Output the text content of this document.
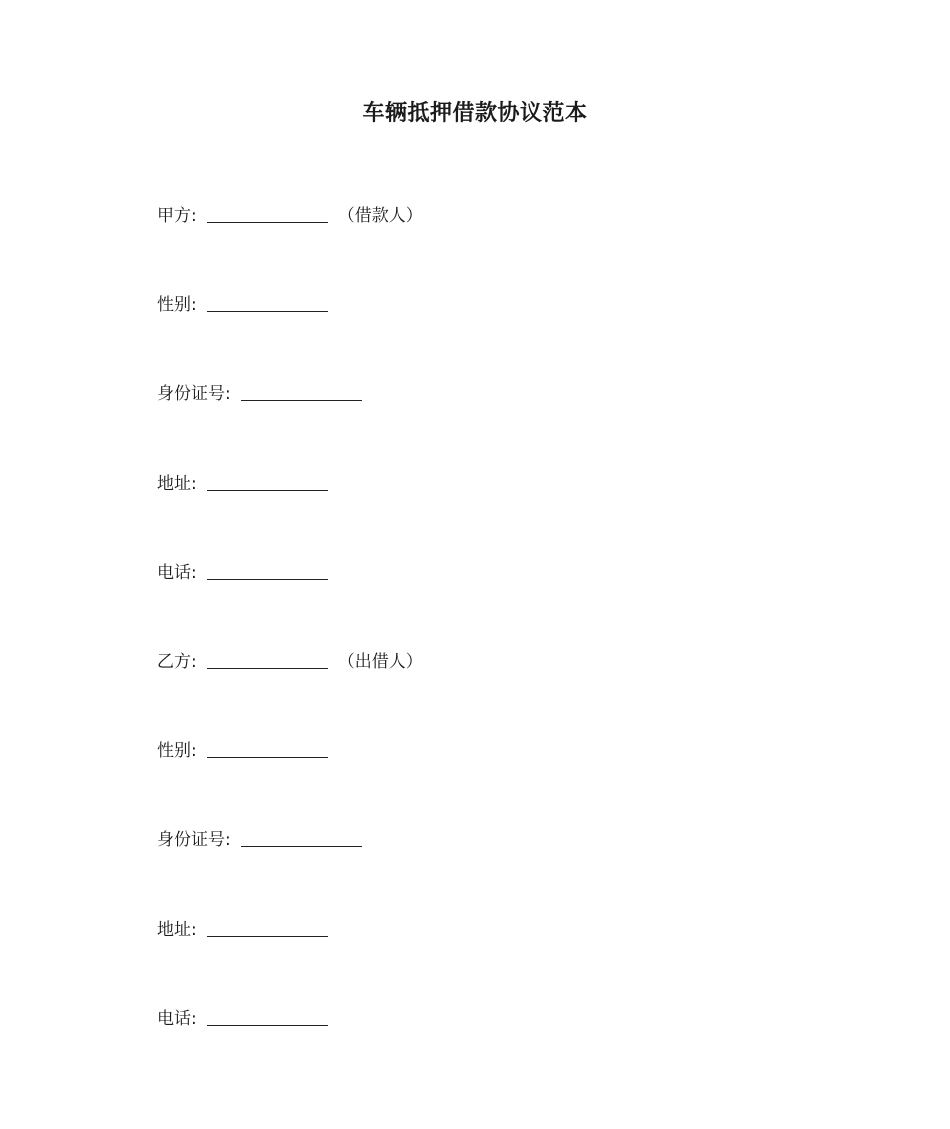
车辆抵押借款协议范本
甲方 :	（借款人）
性别 :
身份证号 :
地址 :
电话 :
乙方 :	（出借人）
性别 :
身份证号 :
地址 :
电话 :
